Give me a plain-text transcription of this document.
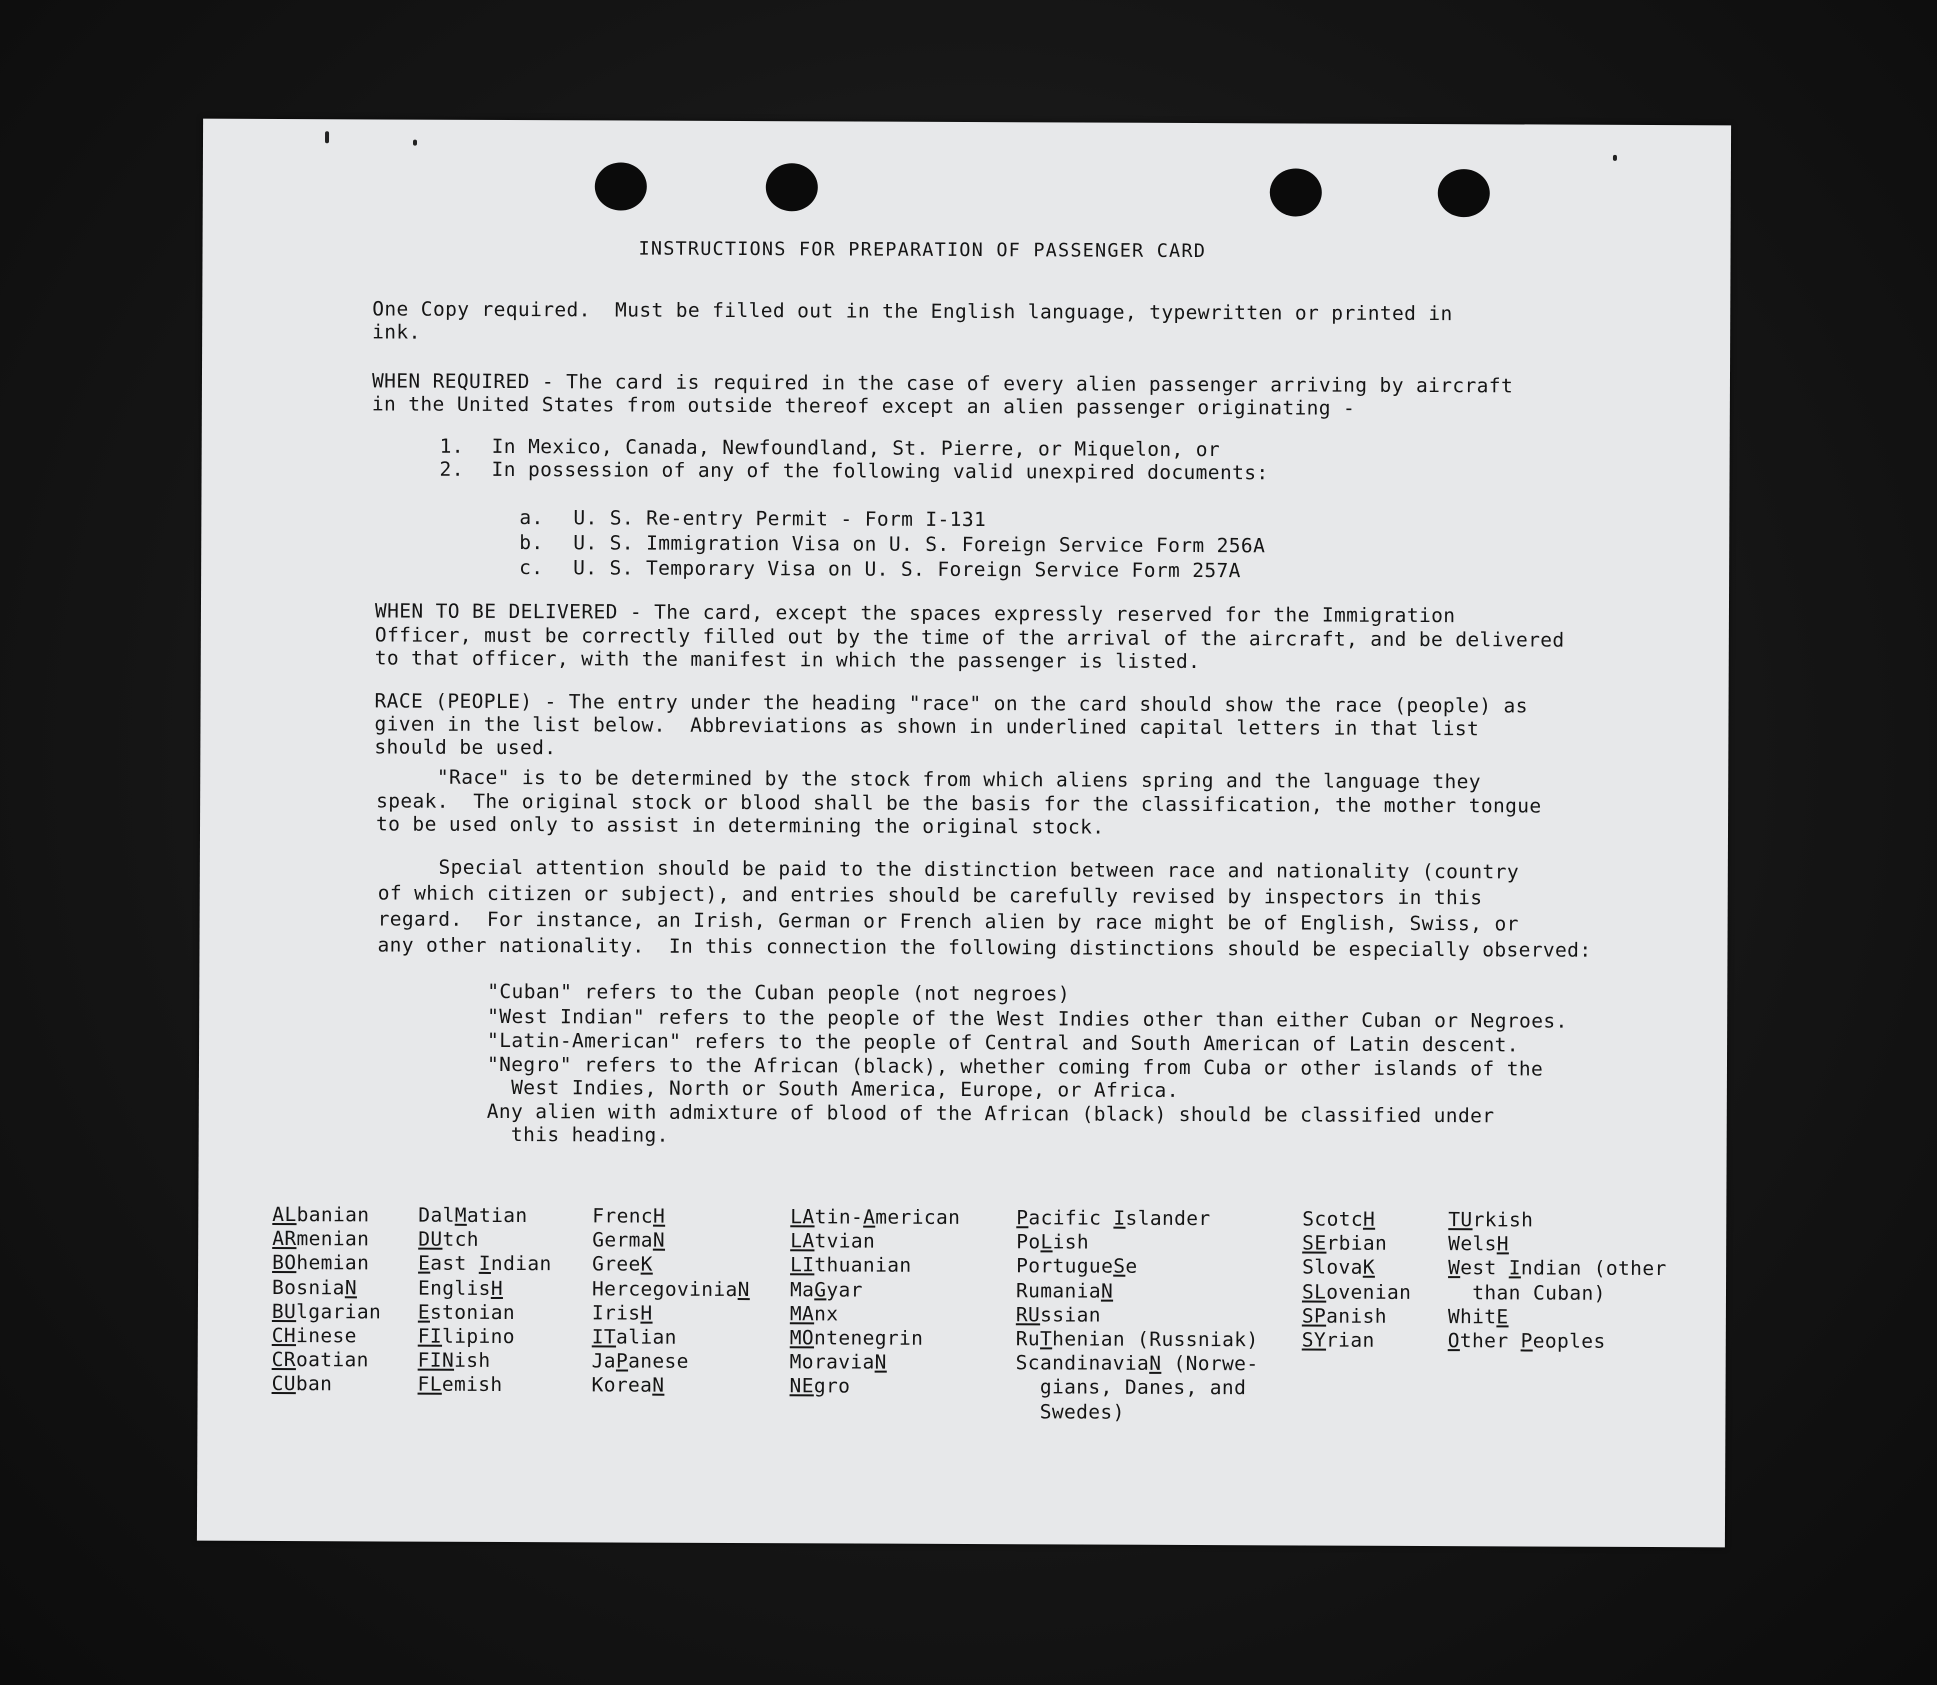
INSTRUCTIONS FOR PREPARATION OF PASSENGER CARD
One Copy required.  Must be filled out in the English language, typewritten or printed in
ink.
WHEN REQUIRED - The card is required in the case of every alien passenger arriving by aircraft
in the United States from outside thereof except an alien passenger originating -
1. In Mexico, Canada, Newfoundland, St. Pierre, or Miquelon, or
2. In possession of any of the following valid unexpired documents:
a. U. S. Re-entry Permit - Form I-131
b. U. S. Immigration Visa on U. S. Foreign Service Form 256A
c. U. S. Temporary Visa on U. S. Foreign Service Form 257A
WHEN TO BE DELIVERED - The card, except the spaces expressly reserved for the Immigration
Officer, must be correctly filled out by the time of the arrival of the aircraft, and be delivered
to that officer, with the manifest in which the passenger is listed.
RACE (PEOPLE) - The entry under the heading "race" on the card should show the race (people) as
given in the list below.  Abbreviations as shown in underlined capital letters in that list
should be used.
"Race" is to be determined by the stock from which aliens spring and the language they
speak.  The original stock or blood shall be the basis for the classification, the mother tongue
to be used only to assist in determining the original stock.
Special attention should be paid to the distinction between race and nationality (country
of which citizen or subject), and entries should be carefully revised by inspectors in this
regard.  For instance, an Irish, German or French alien by race might be of English, Swiss, or
any other nationality.  In this connection the following distinctions should be especially observed:
"Cuban" refers to the Cuban people (not negroes)
"West Indian" refers to the people of the West Indies other than either Cuban or Negroes.
"Latin-American" refers to the people of Central and South American of Latin descent.
"Negro" refers to the African (black), whether coming from Cuba or other islands of the
West Indies, North or South America, Europe, or Africa.
Any alien with admixture of blood of the African (black) should be classified under
this heading.
ALbanian
ARmenian
BOhemian
BosniaN
BUlgarian
CHinese
CRoatian
CUban
DalMatian
DUtch
East Indian
EnglisH
Estonian
FIlipino
FINish
FLemish
FrencH
GermaN
GreeK
HercegoviniaN
IrisH
ITalian
JaPanese
KoreaN
LAtin-American
LAtvian
LIthuanian
MaGyar
MAnx
MOntenegrin
MoraviaN
NEgro
Pacific Islander
PoLish
PortugueSe
RumaniaN
RUssian
RuThenian (Russniak)
ScandinaviaN (Norwe-
gians, Danes, and
Swedes)
ScotcH
SErbian
SlovaK
SLovenian
SPanish
SYrian
TUrkish
WelsH
West Indian (other
than Cuban)
WhitE
Other Peoples
